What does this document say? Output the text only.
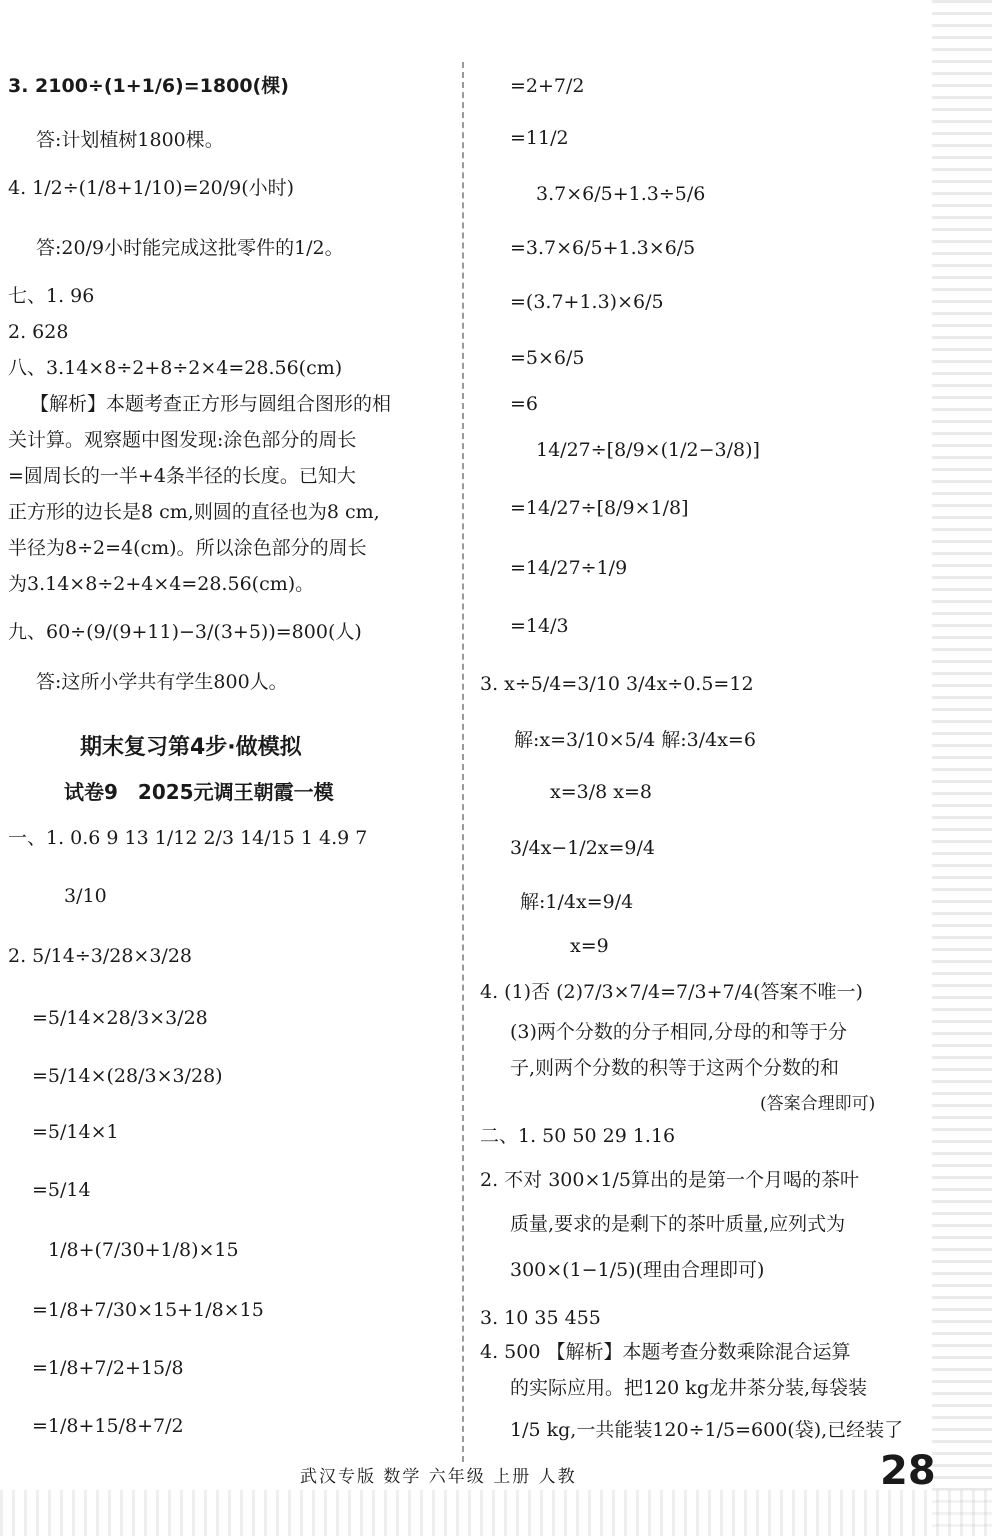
3. 2100÷(1+1/6)=1800(棵)
答:计划植树1800棵。
4. 1/2÷(1/8+1/10)=20/9(小时)
答:20/9小时能完成这批零件的1/2。
七、1. 96
2. 628
八、3.14×8÷2+8÷2×4=28.56(cm)
【解析】本题考查正方形与圆组合图形的相
关计算。观察题中图发现:涂色部分的周长
=圆周长的一半+4条半径的长度。已知大
正方形的边长是8 cm,则圆的直径也为8 cm,
半径为8÷2=4(cm)。所以涂色部分的周长
为3.14×8÷2+4×4=28.56(cm)。
九、60÷(9/(9+11)−3/(3+5))=800(人)
答:这所小学共有学生800人。
期末复习第4步·做模拟
试卷9　2025元调王朝霞一模
一、1. 0.6 9 13 1/12 2/3 14/15 1 4.9 7
3/10
2. 5/14÷3/28×3/28
=5/14×28/3×3/28
=5/14×(28/3×3/28)
=5/14×1
=5/14
1/8+(7/30+1/8)×15
=1/8+7/30×15+1/8×15
=1/8+7/2+15/8
=1/8+15/8+7/2
=2+7/2
=11/2
3.7×6/5+1.3÷5/6
=3.7×6/5+1.3×6/5
=(3.7+1.3)×6/5
=5×6/5
=6
14/27÷[8/9×(1/2−3/8)]
=14/27÷[8/9×1/8]
=14/27÷1/9
=14/3
3. x÷5/4=3/10 3/4x÷0.5=12
解:x=3/10×5/4 解:3/4x=6
x=3/8 x=8
3/4x−1/2x=9/4
解:1/4x=9/4
x=9
4. (1)否 (2)7/3×7/4=7/3+7/4(答案不唯一)
(3)两个分数的分子相同,分母的和等于分
子,则两个分数的积等于这两个分数的和
(答案合理即可)
二、1. 50 50 29 1.16
2. 不对 300×1/5算出的是第一个月喝的茶叶
质量,要求的是剩下的茶叶质量,应列式为
300×(1−1/5)(理由合理即可)
3. 10 35 455
4. 500 【解析】本题考查分数乘除混合运算
的实际应用。把120 kg龙井茶分装,每袋装
1/5 kg,一共能装120÷1/5=600(袋),已经装了
武汉专版 数学 六年级 上册 人教	28
